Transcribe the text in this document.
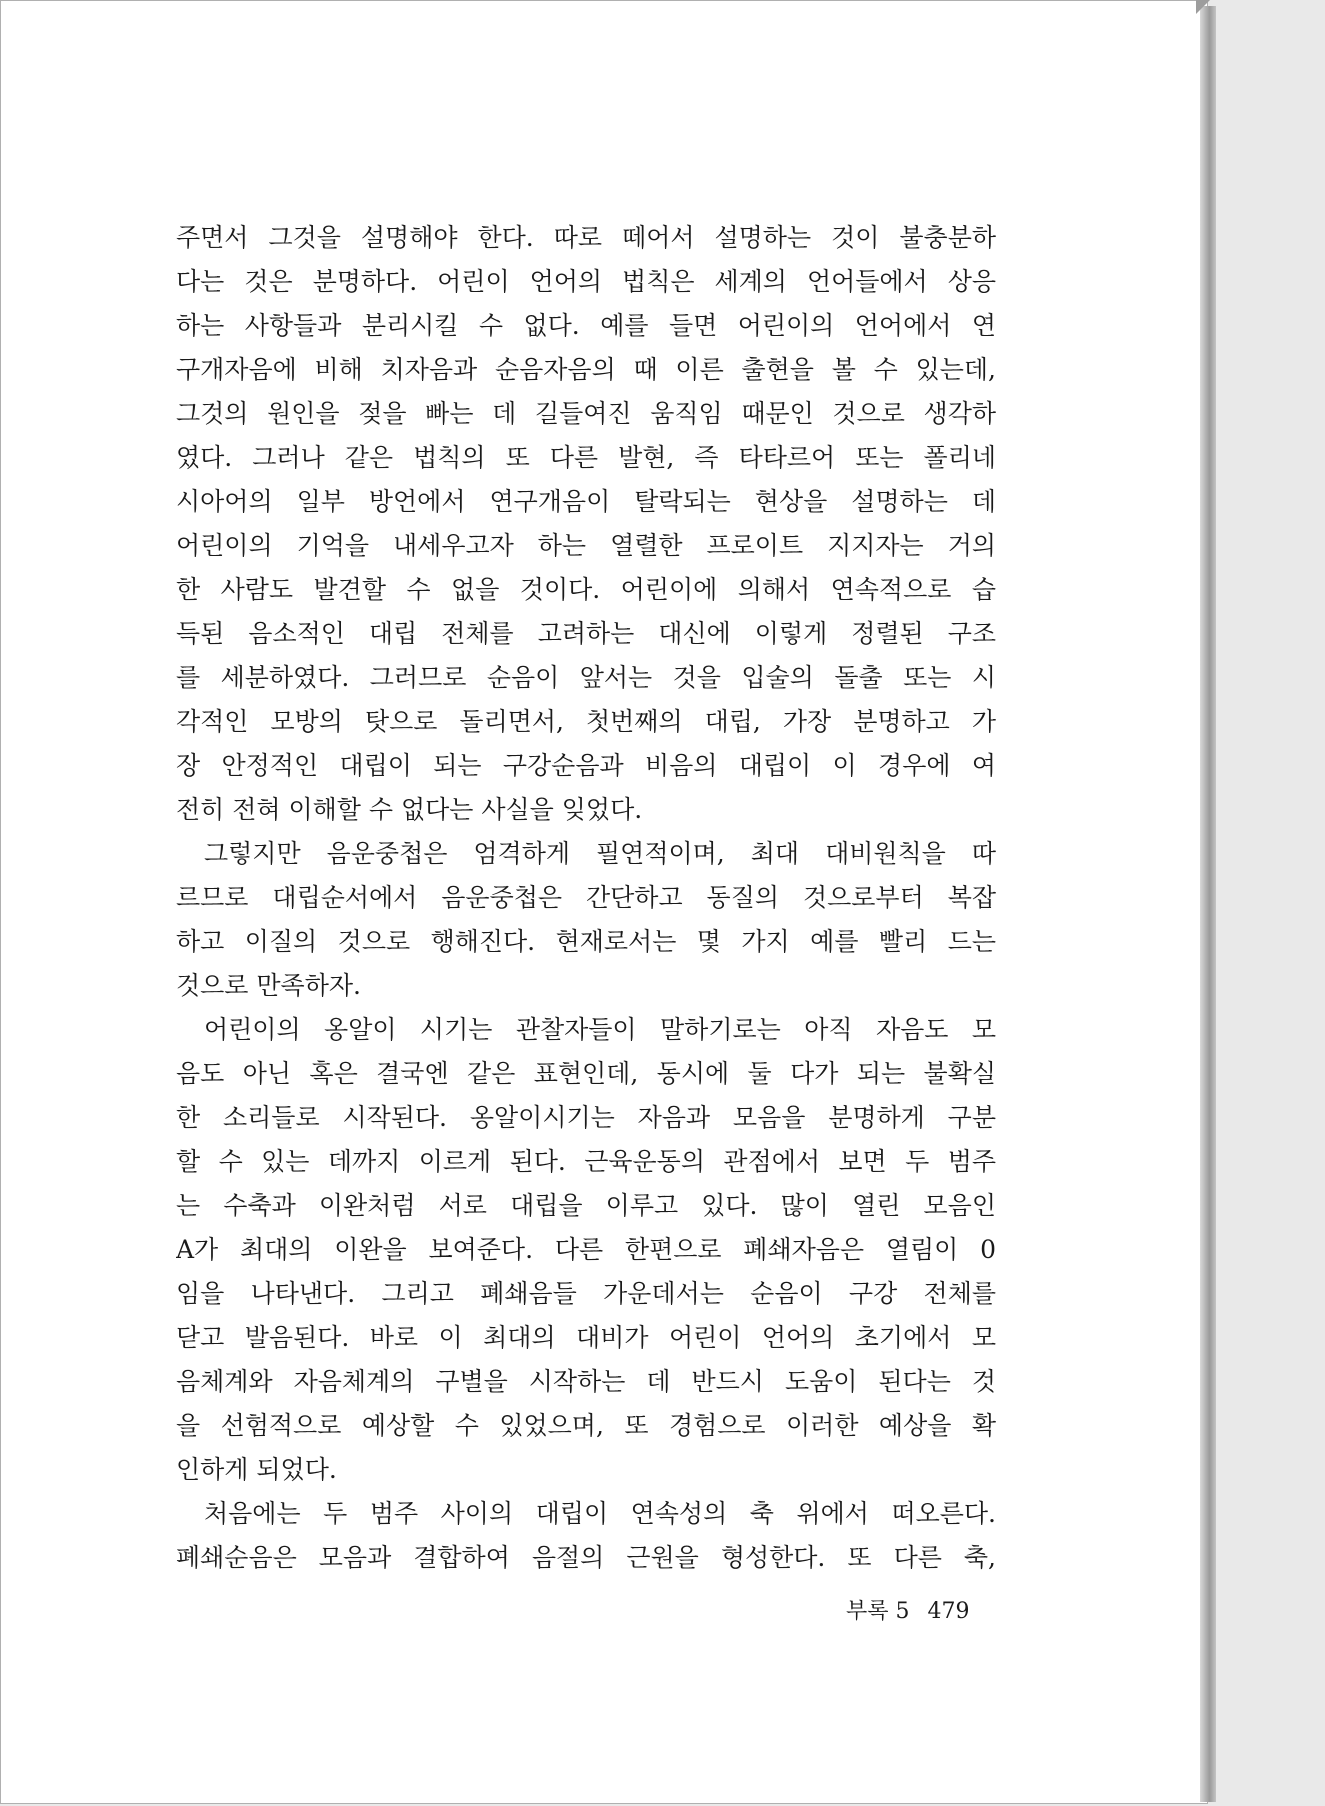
주면서 그것을 설명해야 한다. 따로 떼어서 설명하는 것이 불충분하
다는 것은 분명하다. 어린이 언어의 법칙은 세계의 언어들에서 상응
하는 사항들과 분리시킬 수 없다. 예를 들면 어린이의 언어에서 연
구개자음에 비해 치자음과 순음자음의 때 이른 출현을 볼 수 있는데,
그것의 원인을 젖을 빠는 데 길들여진 움직임 때문인 것으로 생각하
였다. 그러나 같은 법칙의 또 다른 발현, 즉 타타르어 또는 폴리네
시아어의 일부 방언에서 연구개음이 탈락되는 현상을 설명하는 데
어린이의 기억을 내세우고자 하는 열렬한 프로이트 지지자는 거의
한 사람도 발견할 수 없을 것이다. 어린이에 의해서 연속적으로 습
득된 음소적인 대립 전체를 고려하는 대신에 이렇게 정렬된 구조
를 세분하였다. 그러므로 순음이 앞서는 것을 입술의 돌출 또는 시
각적인 모방의 탓으로 돌리면서, 첫번째의 대립, 가장 분명하고 가
장 안정적인 대립이 되는 구강순음과 비음의 대립이 이 경우에 여
전히 전혀 이해할 수 없다는 사실을 잊었다.
그렇지만 음운중첩은 엄격하게 필연적이며, 최대 대비원칙을 따
르므로 대립순서에서 음운중첩은 간단하고 동질의 것으로부터 복잡
하고 이질의 것으로 행해진다. 현재로서는 몇 가지 예를 빨리 드는
것으로 만족하자.
어린이의 옹알이 시기는 관찰자들이 말하기로는 아직 자음도 모
음도 아닌 혹은 결국엔 같은 표현인데, 동시에 둘 다가 되는 불확실
한 소리들로 시작된다. 옹알이시기는 자음과 모음을 분명하게 구분
할 수 있는 데까지 이르게 된다. 근육운동의 관점에서 보면 두 범주
는 수축과 이완처럼 서로 대립을 이루고 있다. 많이 열린 모음인
A가 최대의 이완을 보여준다. 다른 한편으로 폐쇄자음은 열림이 0
임을 나타낸다. 그리고 폐쇄음들 가운데서는 순음이 구강 전체를
닫고 발음된다. 바로 이 최대의 대비가 어린이 언어의 초기에서 모
음체계와 자음체계의 구별을 시작하는 데 반드시 도움이 된다는 것
을 선험적으로 예상할 수 있었으며, 또 경험으로 이러한 예상을 확
인하게 되었다.
처음에는 두 범주 사이의 대립이 연속성의 축 위에서 떠오른다.
폐쇄순음은 모음과 결합하여 음절의 근원을 형성한다. 또 다른 축,
부록 5 479
